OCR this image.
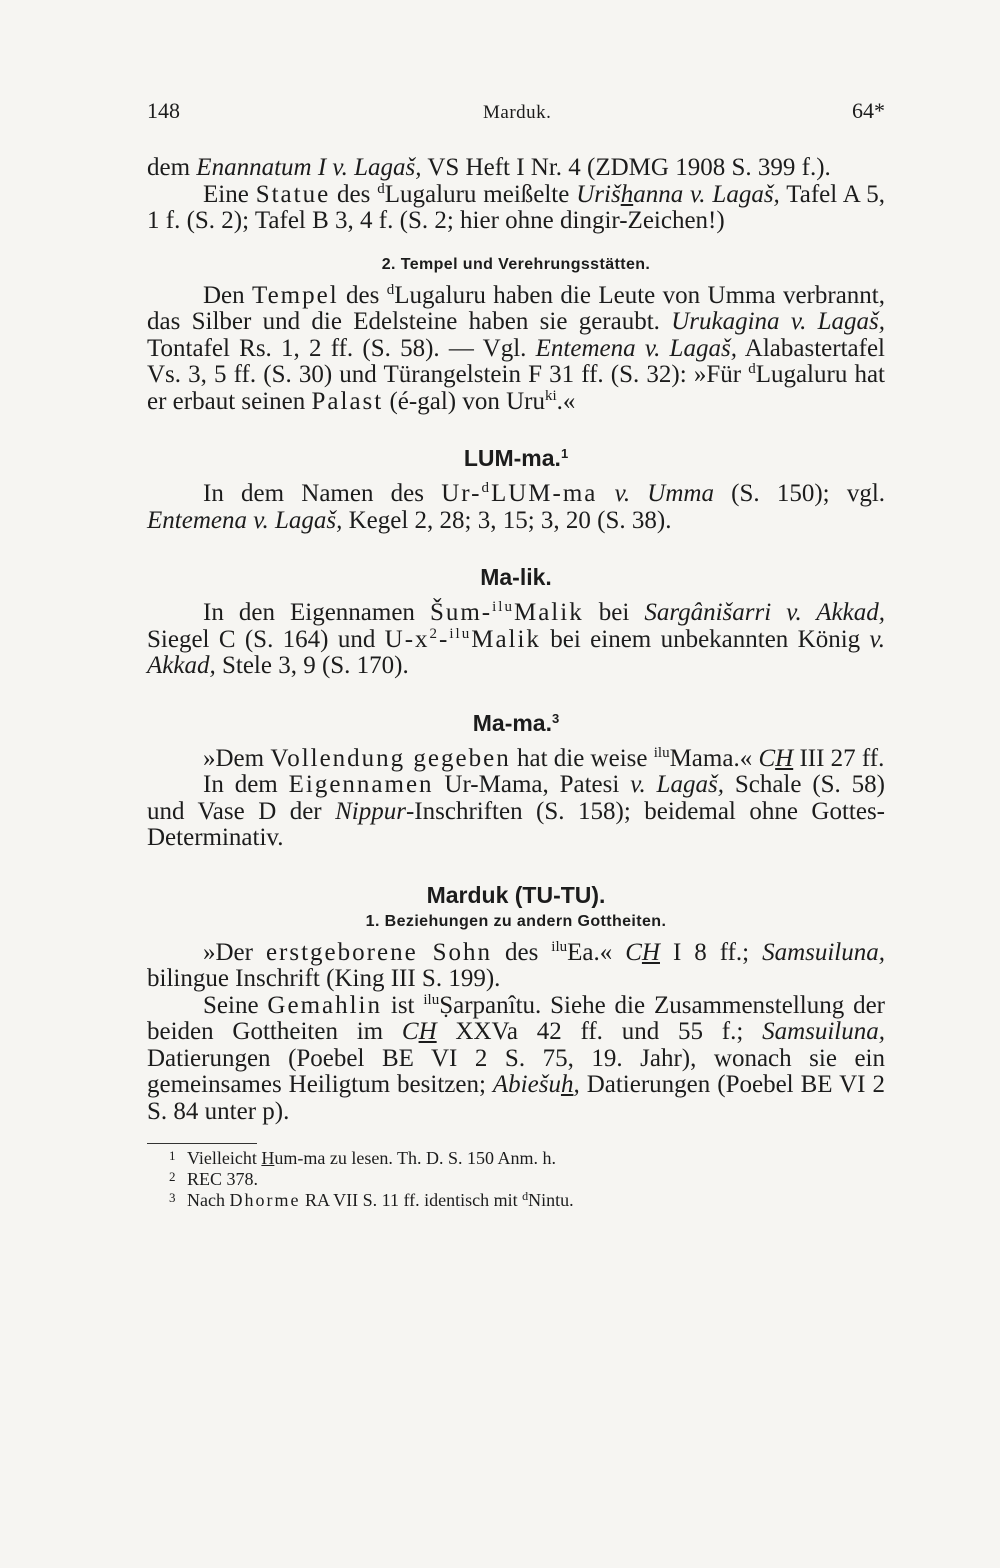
148	Marduk.	64*

dem Enannatum I v. Lagaš, VS Heft I Nr. 4 (ZDMG 1908 S. 399 f.).

Eine Statue des $^d$Lugaluru meißelte Urišhanna v. Lagaš, Tafel A 5, 1 f. (S. 2); Tafel B 3, 4 f. (S. 2; hier ohne dingir-Zeichen!)

2. Tempel und Verehrungsstätten.

Den Tempel des $^d$Lugaluru haben die Leute von Umma verbrannt, das Silber und die Edelsteine haben sie geraubt. Urukagina v. Lagaš, Tontafel Rs. 1, 2 ff. (S. 58). — Vgl. Entemena v. Lagaš, Alabastertafel Vs. 3, 5 ff. (S. 30) und Türangelstein F 31 ff. (S. 32): »Für $^d$Lugaluru hat er erbaut seinen Palast (é-gal) von Uru$^{ki}$.«

LUM-ma.$^1$

In dem Namen des Ur-$^d$LUM-ma v. Umma (S. 150); vgl. Entemena v. Lagaš, Kegel 2, 28; 3, 15; 3, 20 (S. 38).

Ma-lik.

In den Eigennamen Šum-$^{ilu}$Malik bei Sargânišarri v. Akkad, Siegel C (S. 164) und $U-x^2-^{ilu}Malik$ bei einem unbekannten König v. Akkad, Stele 3, 9 (S. 170).

Ma-ma.$^3$

»Dem Vollendung gegeben hat die weise $^{ilu}$Mama.« CH III 27 ff.

In dem Eigennamen Ur-Mama, Patesi v. Lagaš, Schale (S. 58) und Vase D der Nippur-Inschriften (S. 158); beidemal ohne Gottes-Determinativ.

Marduk (TU-TU).
1. Beziehungen zu andern Gottheiten.

»Der erstgeborene Sohn des $^{ilu}$Ea.« CH I 8 ff.; Samsuiluna, bilingue Inschrift (King III S. 199).

Seine Gemahlin ist $^{ilu}$Ṣarpanîtu. Siehe die Zusammenstellung der beiden Gottheiten im CH XXVa 42 ff. und 55 f.; Samsuiluna, Datierungen (Poebel BE VI 2 S. 75, 19. Jahr), wonach sie ein gemeinsames Heiligtum besitzen; Abiešuh, Datierungen (Poebel BE VI 2 S. 84 unter p).

1 Vielleicht Hum-ma zu lesen. Th. D. S. 150 Anm. h.
2 REC 378.
3 Nach Dhorme RA VII S. 11 ff. identisch mit $^d$Nintu.
